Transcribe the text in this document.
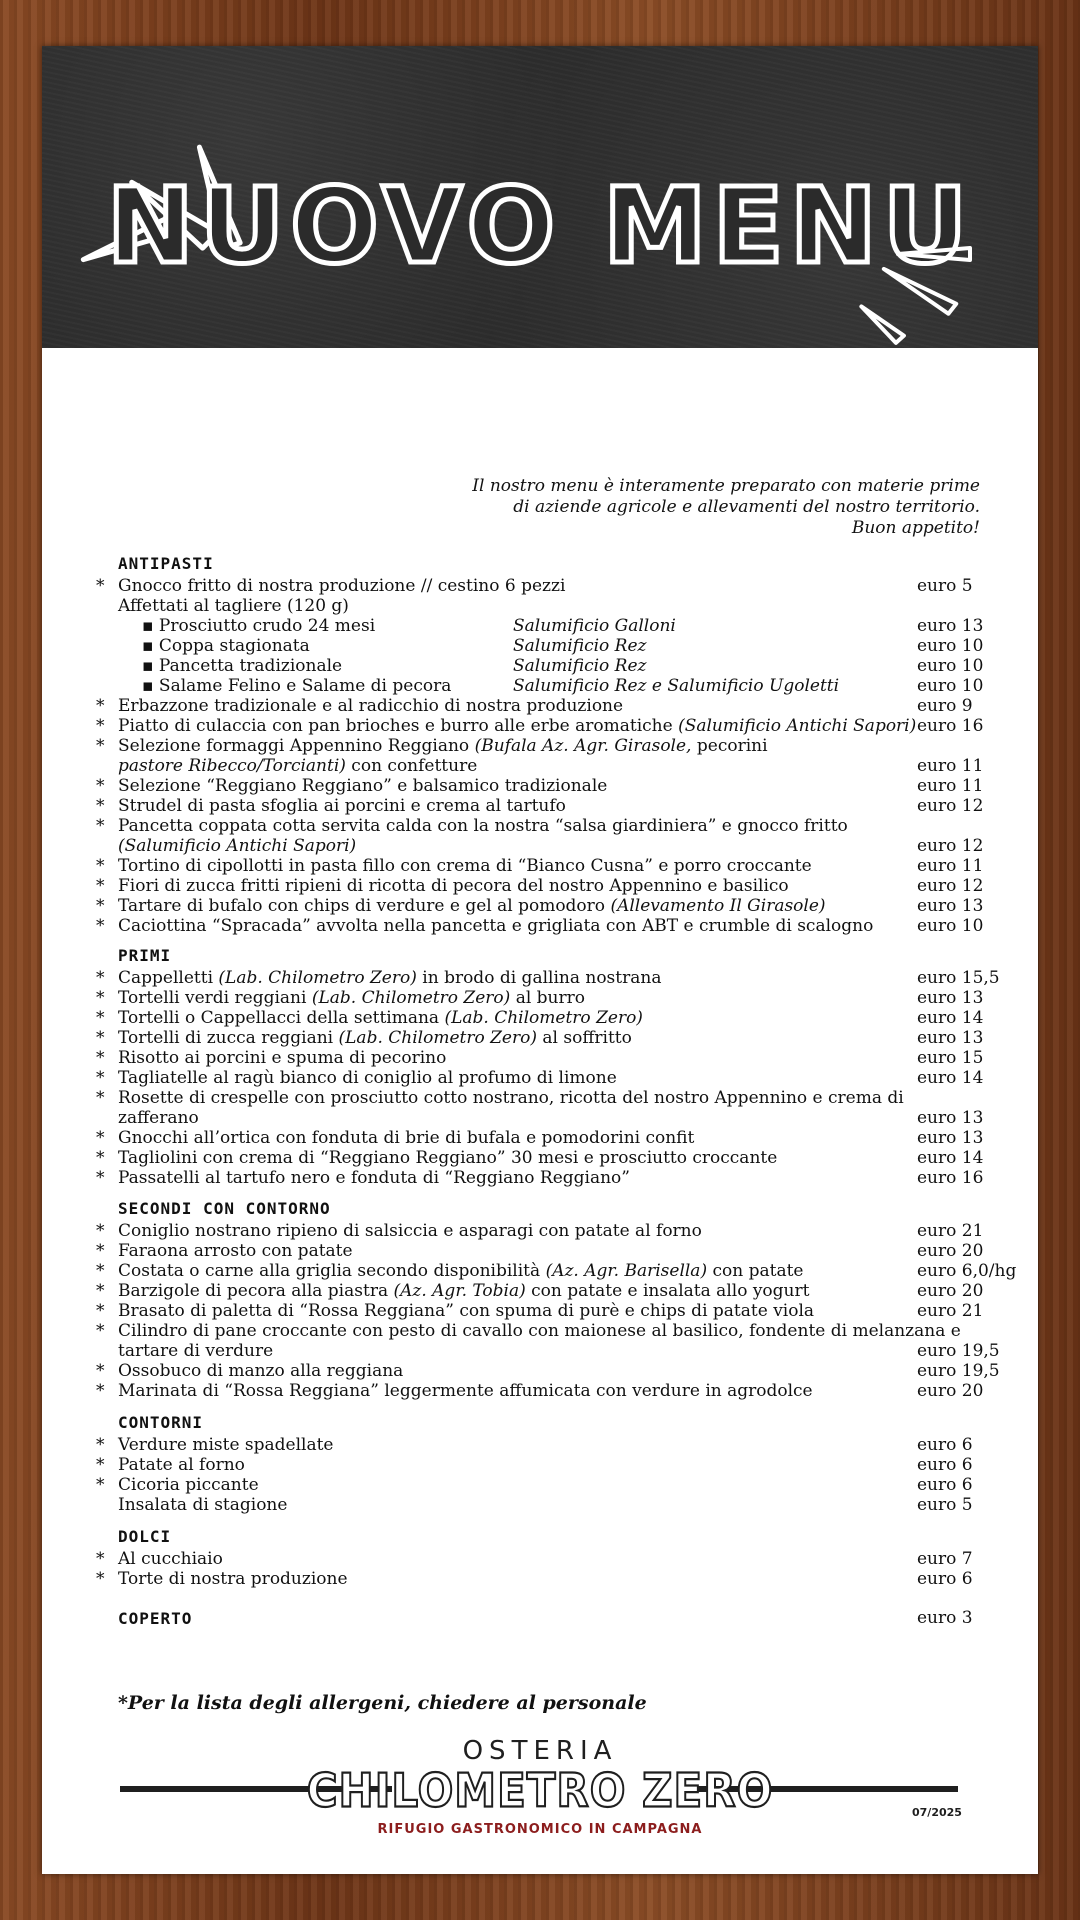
NUOVO MENU
Il nostro menu è interamente preparato con materie prime
di aziende agricole e allevamenti del nostro territorio.
Buon appetito!
ANTIPASTI
* Gnocco fritto di nostra produzione // cestino 6 pezzi	euro 5
Affettati al tagliere (120 g)
▪ Prosciutto crudo 24 mesi	Salumificio Galloni	euro 13
▪ Coppa stagionata	Salumificio Rez	euro 10
▪ Pancetta tradizionale	Salumificio Rez	euro 10
▪ Salame Felino e Salame di pecora	Salumificio Rez e Salumificio Ugoletti	euro 10
* Erbazzone tradizionale e al radicchio di nostra produzione	euro 9
* Piatto di culaccia con pan brioches e burro alle erbe aromatiche (Salumificio Antichi Sapori) euro 16
* Selezione formaggi Appennino Reggiano (Bufala Az. Agr. Girasole, pecorini
pastore Ribecco/Torcianti) con confetture	euro 11
* Selezione “Reggiano Reggiano” e balsamico tradizionale	euro 11
* Strudel di pasta sfoglia ai porcini e crema al tartufo	euro 12
* Pancetta coppata cotta servita calda con la nostra “salsa giardiniera” e gnocco fritto
(Salumificio Antichi Sapori)	euro 12
* Tortino di cipollotti in pasta fillo con crema di “Bianco Cusna” e porro croccante	euro 11
* Fiori di zucca fritti ripieni di ricotta di pecora del nostro Appennino e basilico	euro 12
* Tartare di bufalo con chips di verdure e gel al pomodoro (Allevamento Il Girasole)	euro 13
* Caciottina “Spracada” avvolta nella pancetta e grigliata con ABT e crumble di scalogno	euro 10
PRIMI
* Cappelletti (Lab. Chilometro Zero) in brodo di gallina nostrana	euro 15,5
* Tortelli verdi reggiani (Lab. Chilometro Zero) al burro	euro 13
* Tortelli o Cappellacci della settimana (Lab. Chilometro Zero)	euro 14
* Tortelli di zucca reggiani (Lab. Chilometro Zero) al soffritto	euro 13
* Risotto ai porcini e spuma di pecorino	euro 15
* Tagliatelle al ragù bianco di coniglio al profumo di limone	euro 14
* Rosette di crespelle con prosciutto cotto nostrano, ricotta del nostro Appennino e crema di
zafferano	euro 13
* Gnocchi all’ortica con fonduta di brie di bufala e pomodorini confit	euro 13
* Tagliolini con crema di “Reggiano Reggiano” 30 mesi e prosciutto croccante	euro 14
* Passatelli al tartufo nero e fonduta di “Reggiano Reggiano”	euro 16
SECONDI CON CONTORNO
* Coniglio nostrano ripieno di salsiccia e asparagi con patate al forno	euro 21
* Faraona arrosto con patate	euro 20
* Costata o carne alla griglia secondo disponibilità (Az. Agr. Barisella) con patate	euro 6,0/hg
* Barzigole di pecora alla piastra (Az. Agr. Tobia) con patate e insalata allo yogurt	euro 20
* Brasato di paletta di “Rossa Reggiana” con spuma di purè e chips di patate viola	euro 21
* Cilindro di pane croccante con pesto di cavallo con maionese al basilico, fondente di melanzana e
tartare di verdure	euro 19,5
* Ossobuco di manzo alla reggiana	euro 19,5
* Marinata di “Rossa Reggiana” leggermente affumicata con verdure in agrodolce	euro 20
CONTORNI
* Verdure miste spadellate	euro 6
* Patate al forno	euro 6
* Cicoria piccante	euro 6
Insalata di stagione	euro 5
DOLCI
* Al cucchiaio	euro 7
* Torte di nostra produzione	euro 6
COPERTO	euro 3
*Per la lista degli allergeni, chiedere al personale
OSTERIA
CHILOMETRO ZERO
RIFUGIO GASTRONOMICO IN CAMPAGNA
07/2025
